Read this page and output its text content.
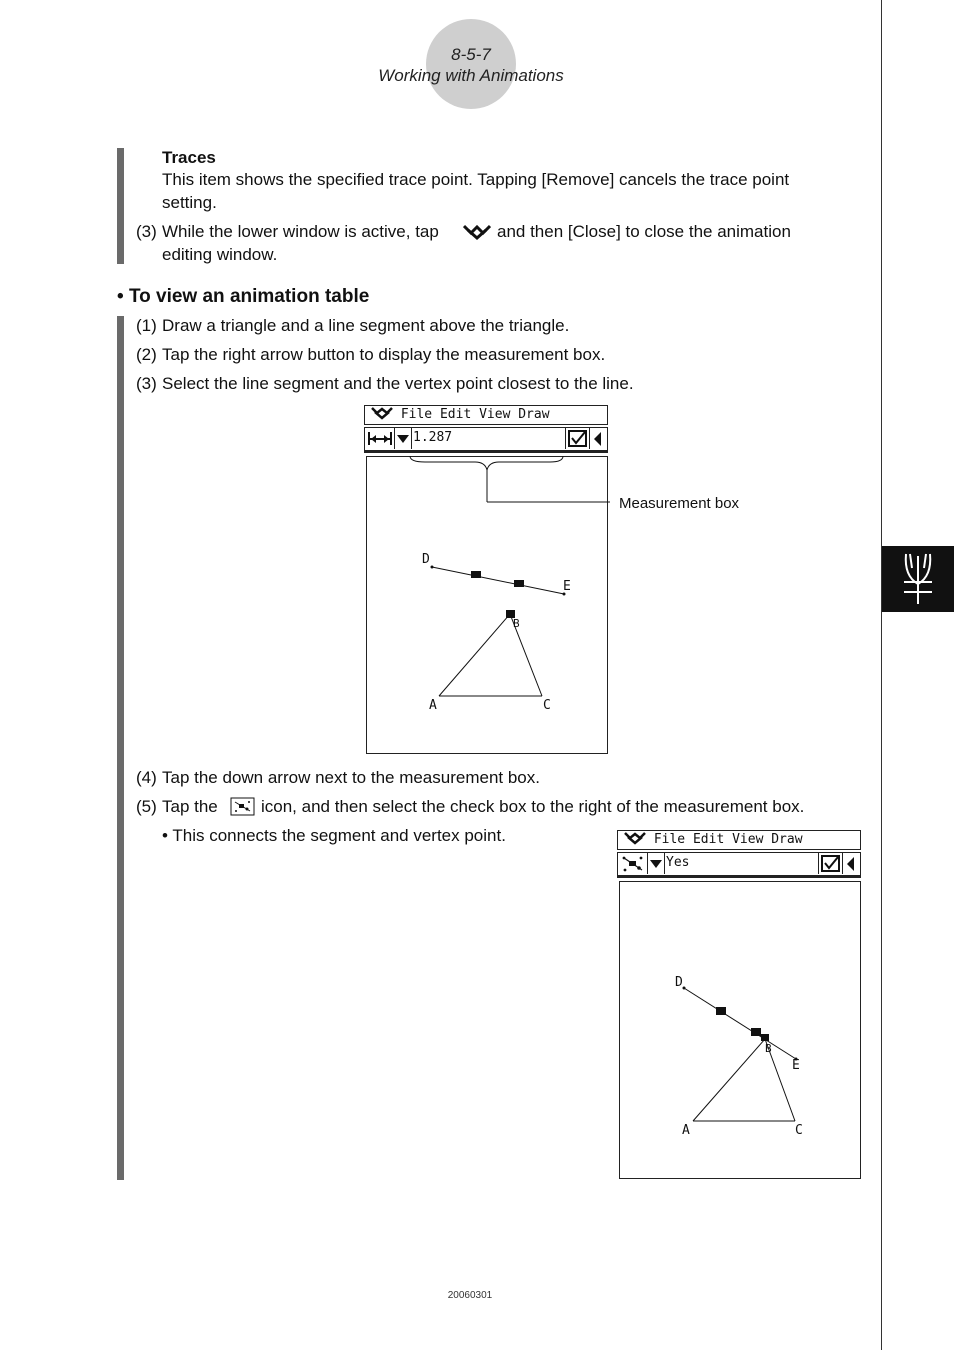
8-5-7
Working with Animations
Traces
This item shows the specified trace point. Tapping [Remove] cancels the trace point
setting.
(3) While the lower window is active, tap	and then [Close] to close the animation
editing window.
• To view an animation table
(1) Draw a triangle and a line segment above the triangle.
(2) Tap the right arrow button to display the measurement box.
(3) Select the line segment and the vertex point closest to the line.
File Edit View Draw
1.287
D
E
B
A	C
Measurement box
(4) Tap the down arrow next to the measurement box.
(5) Tap the	icon, and then select the check box to the right of the measurement box.
• This connects the segment and vertex point.	File Edit View Draw
Yes
D
E
B
A	C
20060301
